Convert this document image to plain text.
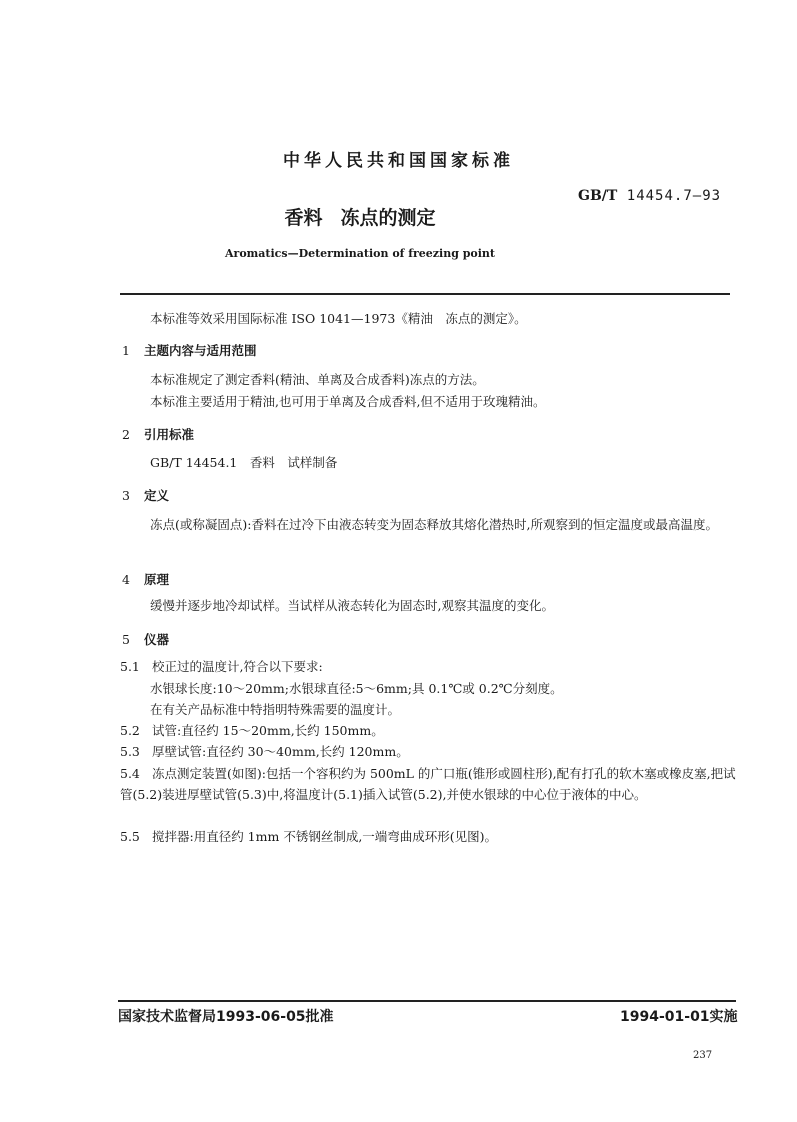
中华人民共和国国家标准
GB/T 14454.7—93
香料 冻点的测定
Aromatics—Determination of freezing point
本标准等效采用国际标准 ISO 1041—1973《精油　冻点的测定》。
1 主题内容与适用范围
本标准规定了测定香料(精油、单离及合成香料)冻点的方法。
本标准主要适用于精油,也可用于单离及合成香料,但不适用于玫瑰精油。
2 引用标准
GB/T 14454.1　香料　试样制备
3 定义
冻点(或称凝固点):香料在过冷下由液态转变为固态释放其熔化潜热时,所观察到的恒定温度或最高温度。
4 原理
缓慢并逐步地冷却试样。当试样从液态转化为固态时,观察其温度的变化。
5 仪器
5.1 校正过的温度计,符合以下要求:
水银球长度:10～20mm;水银球直径:5～6mm;具 0.1℃或 0.2℃分刻度。
在有关产品标准中特指明特殊需要的温度计。
5.2 试管:直径约 15～20mm,长约 150mm。
5.3 厚壁试管:直径约 30～40mm,长约 120mm。
5.4 冻点测定装置(如图):包括一个容积约为 500mL 的广口瓶(锥形或圆柱形),配有打孔的软木塞或橡皮塞,把试管(5.2)装进厚壁试管(5.3)中,将温度计(5.1)插入试管(5.2),并使水银球的中心位于液体的中心。
5.5 搅拌器:用直径约 1mm 不锈钢丝制成,一端弯曲成环形(见图)。
国家技术监督局1993-06-05批准	1994-01-01实施
237
